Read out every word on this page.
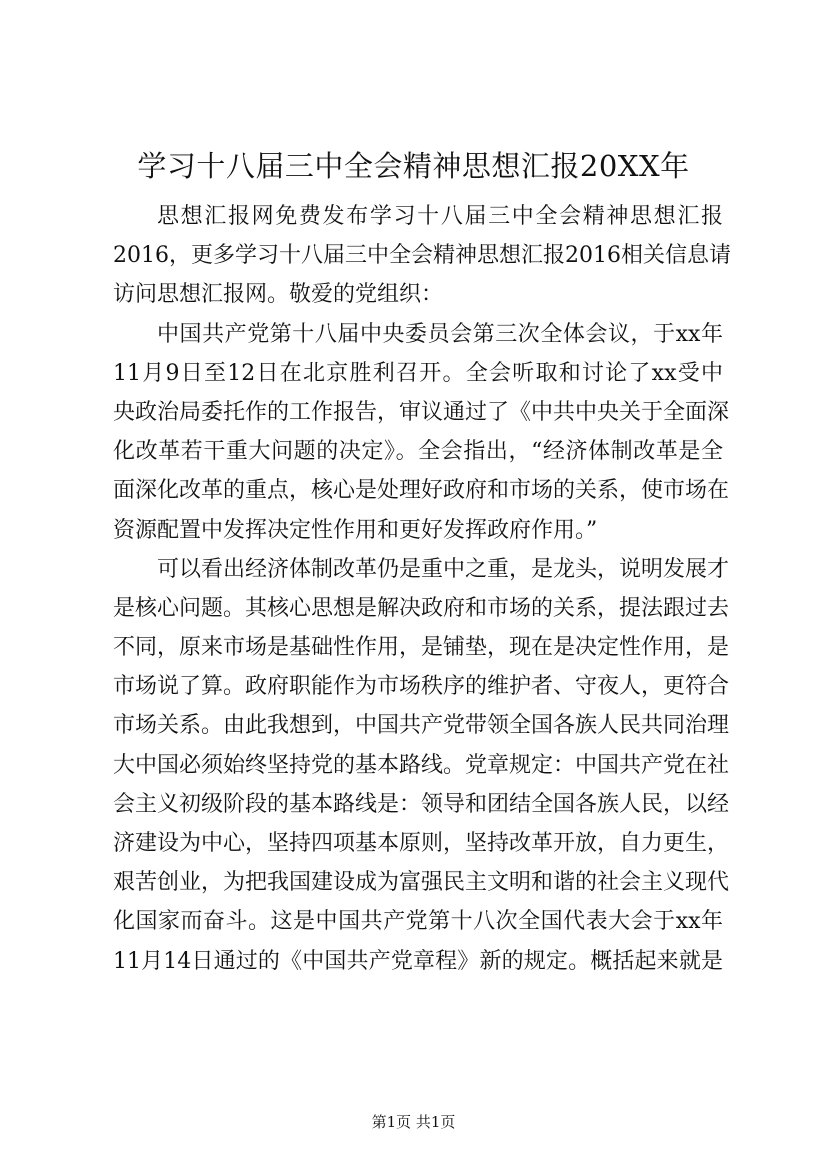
学习十八届三中全会精神思想汇报20XX年
思想汇报网免费发布学习十八届三中全会精神思想汇报
2016，更多学习十八届三中全会精神思想汇报2016相关信息请
访问思想汇报网。敬爱的党组织：
中国共产党第十八届中央委员会第三次全体会议，于xx年
11月9日至12日在北京胜利召开。全会听取和讨论了xx受中
央政治局委托作的工作报告，审议通过了《中共中央关于全面深
化改革若干重大问题的决定》。全会指出，“经济体制改革是全
面深化改革的重点，核心是处理好政府和市场的关系，使市场在
资源配置中发挥决定性作用和更好发挥政府作用。”
可以看出经济体制改革仍是重中之重，是龙头，说明发展才
是核心问题。其核心思想是解决政府和市场的关系，提法跟过去
不同，原来市场是基础性作用，是铺垫，现在是决定性作用，是
市场说了算。政府职能作为市场秩序的维护者、守夜人，更符合
市场关系。由此我想到，中国共产党带领全国各族人民共同治理
大中国必须始终坚持党的基本路线。党章规定：中国共产党在社
会主义初级阶段的基本路线是：领导和团结全国各族人民，以经
济建设为中心，坚持四项基本原则，坚持改革开放，自力更生，
艰苦创业，为把我国建设成为富强民主文明和谐的社会主义现代
化国家而奋斗。这是中国共产党第十八次全国代表大会于xx年
11月14日通过的《中国共产党章程》新的规定。概括起来就是
第1页 共1页
